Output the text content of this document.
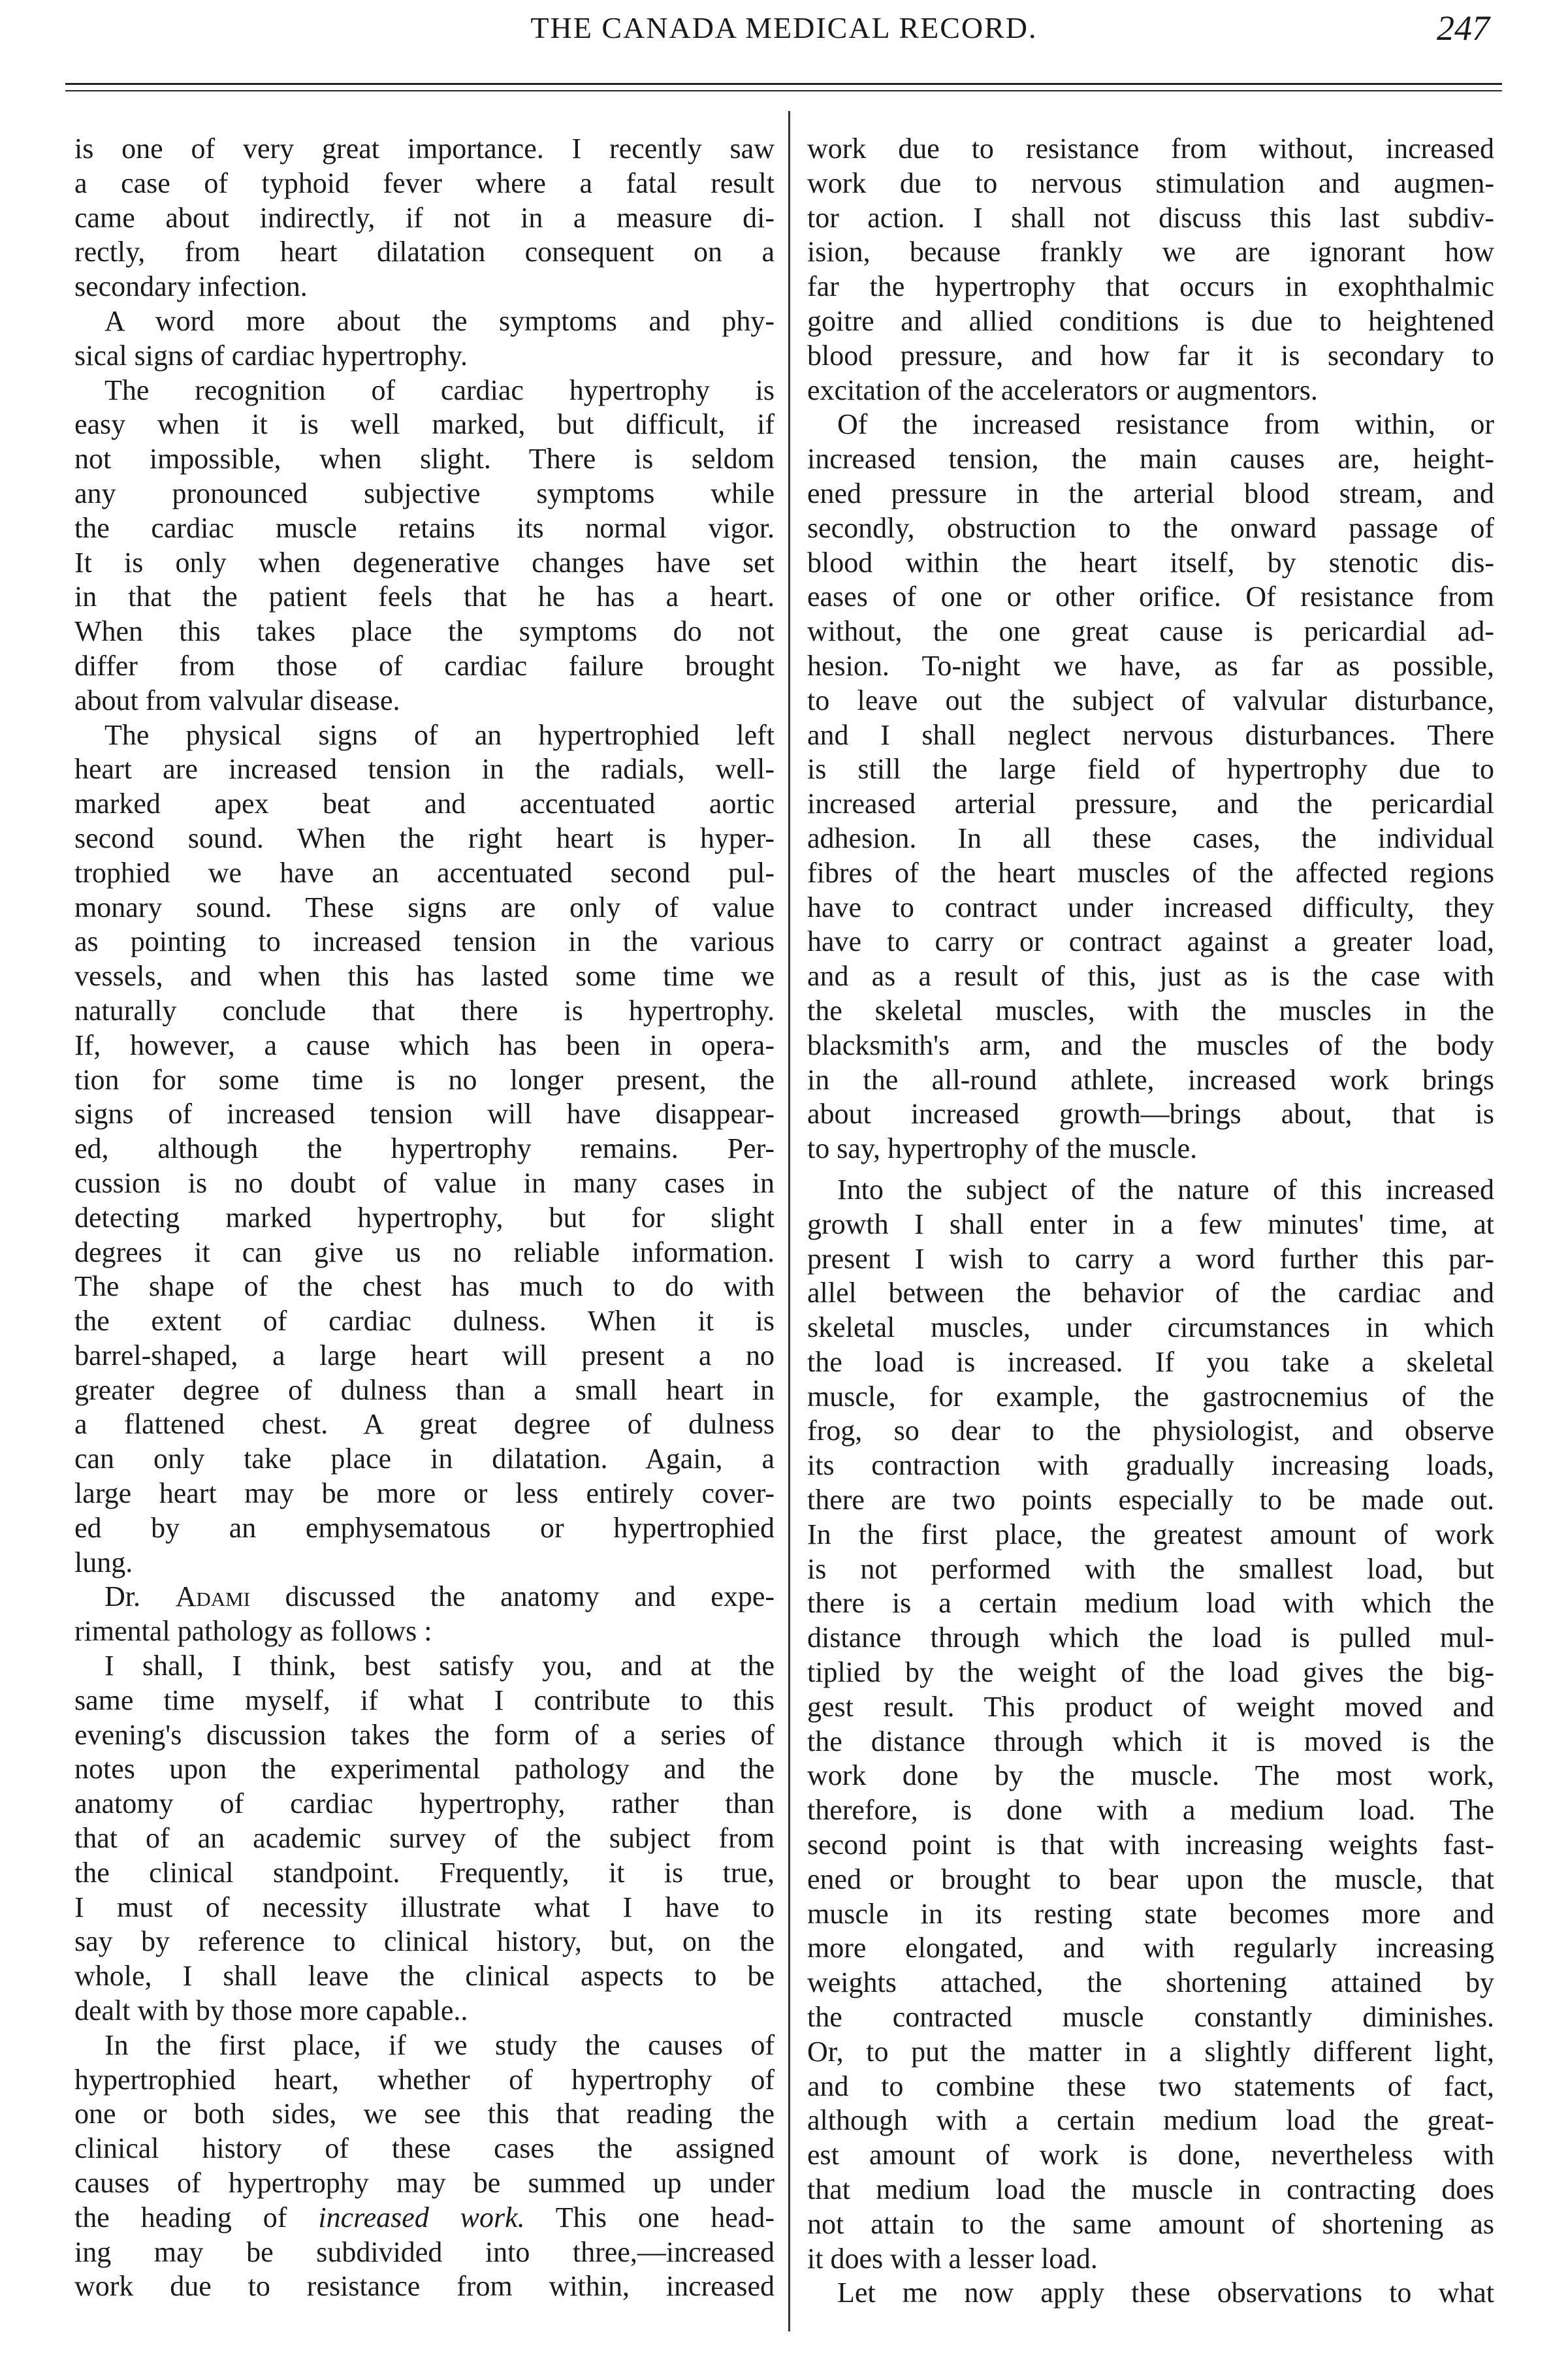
THE CANADA MEDICAL RECORD.	247
is one of very great importance. I recently saw
a case of typhoid fever where a fatal result
came about indirectly, if not in a measure di-
rectly, from heart dilatation consequent on a
secondary infection.
A word more about the symptoms and phy-
sical signs of cardiac hypertrophy.
The recognition of cardiac hypertrophy is
easy when it is well marked, but difficult, if
not impossible, when slight. There is seldom
any pronounced subjective symptoms while
the cardiac muscle retains its normal vigor.
It is only when degenerative changes have set
in that the patient feels that he has a heart.
When this takes place the symptoms do not
differ from those of cardiac failure brought
about from valvular disease.
The physical signs of an hypertrophied left
heart are increased tension in the radials, well-
marked apex beat and accentuated aortic
second sound. When the right heart is hyper-
trophied we have an accentuated second pul-
monary sound. These signs are only of value
as pointing to increased tension in the various
vessels, and when this has lasted some time we
naturally conclude that there is hypertrophy.
If, however, a cause which has been in opera-
tion for some time is no longer present, the
signs of increased tension will have disappear-
ed, although the hypertrophy remains. Per-
cussion is no doubt of value in many cases in
detecting marked hypertrophy, but for slight
degrees it can give us no reliable information.
The shape of the chest has much to do with
the extent of cardiac dulness. When it is
barrel-shaped, a large heart will present a no
greater degree of dulness than a small heart in
a flattened chest. A great degree of dulness
can only take place in dilatation. Again, a
large heart may be more or less entirely cover-
ed by an emphysematous or hypertrophied
lung.
Dr. Adami discussed the anatomy and expe-
rimental pathology as follows :
I shall, I think, best satisfy you, and at the
same time myself, if what I contribute to this
evening's discussion takes the form of a series of
notes upon the experimental pathology and the
anatomy of cardiac hypertrophy, rather than
that of an academic survey of the subject from
the clinical standpoint. Frequently, it is true,
I must of necessity illustrate what I have to
say by reference to clinical history, but, on the
whole, I shall leave the clinical aspects to be
dealt with by those more capable..
In the first place, if we study the causes of
hypertrophied heart, whether of hypertrophy of
one or both sides, we see this that reading the
clinical history of these cases the assigned
causes of hypertrophy may be summed up under
the heading of increased work. This one head-
ing may be subdivided into three,—increased
work due to resistance from within, increased
work due to resistance from without, increased
work due to nervous stimulation and augmen-
tor action. I shall not discuss this last subdiv-
ision, because frankly we are ignorant how
far the hypertrophy that occurs in exophthalmic
goitre and allied conditions is due to heightened
blood pressure, and how far it is secondary to
excitation of the accelerators or augmentors.
Of the increased resistance from within, or
increased tension, the main causes are, height-
ened pressure in the arterial blood stream, and
secondly, obstruction to the onward passage of
blood within the heart itself, by stenotic dis-
eases of one or other orifice. Of resistance from
without, the one great cause is pericardial ad-
hesion. To-night we have, as far as possible,
to leave out the subject of valvular disturbance,
and I shall neglect nervous disturbances. There
is still the large field of hypertrophy due to
increased arterial pressure, and the pericardial
adhesion. In all these cases, the individual
fibres of the heart muscles of the affected regions
have to contract under increased difficulty, they
have to carry or contract against a greater load,
and as a result of this, just as is the case with
the skeletal muscles, with the muscles in the
blacksmith's arm, and the muscles of the body
in the all-round athlete, increased work brings
about increased growth—brings about, that is
to say, hypertrophy of the muscle.
Into the subject of the nature of this increased
growth I shall enter in a few minutes' time, at
present I wish to carry a word further this par-
allel between the behavior of the cardiac and
skeletal muscles, under circumstances in which
the load is increased. If you take a skeletal
muscle, for example, the gastrocnemius of the
frog, so dear to the physiologist, and observe
its contraction with gradually increasing loads,
there are two points especially to be made out.
In the first place, the greatest amount of work
is not performed with the smallest load, but
there is a certain medium load with which the
distance through which the load is pulled mul-
tiplied by the weight of the load gives the big-
gest result. This product of weight moved and
the distance through which it is moved is the
work done by the muscle. The most work,
therefore, is done with a medium load. The
second point is that with increasing weights fast-
ened or brought to bear upon the muscle, that
muscle in its resting state becomes more and
more elongated, and with regularly increasing
weights attached, the shortening attained by
the contracted muscle constantly diminishes.
Or, to put the matter in a slightly different light,
and to combine these two statements of fact,
although with a certain medium load the great-
est amount of work is done, nevertheless with
that medium load the muscle in contracting does
not attain to the same amount of shortening as
it does with a lesser load.
Let me now apply these observations to what
